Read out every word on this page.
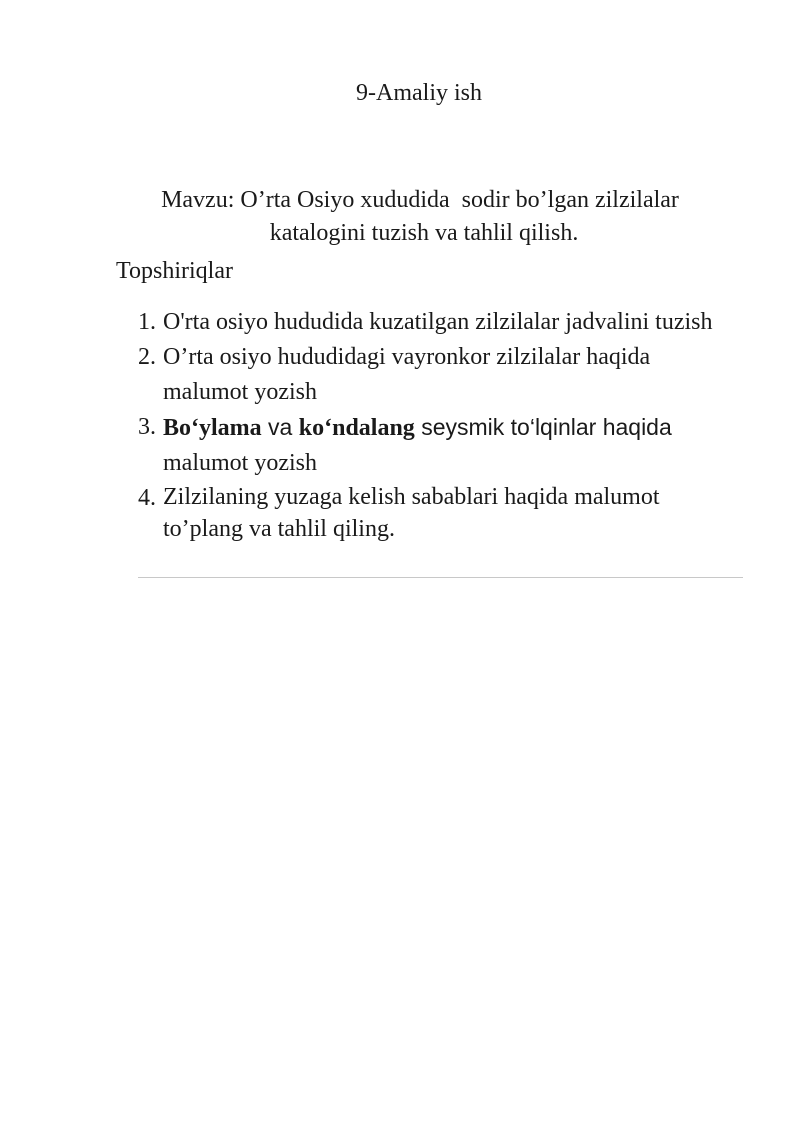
9-Amaliy ish
Mavzu: O’rta Osiyo xududida  sodir bo’lgan zilzilalar
katalogini tuzish va tahlil qilish.
Topshiriqlar
1. O'rta osiyo hududida kuzatilgan zilzilalar jadvalini tuzish
2. O’rta osiyo hududidagi vayronkor zilzilalar haqida malumot yozish
3. Bo‘ylama va ko‘ndalang seysmik to‘lqinlar haqida
malumot yozish
4. Zilzilaning yuzaga kelish sabablari haqida malumot to’plang va tahlil qiling.
